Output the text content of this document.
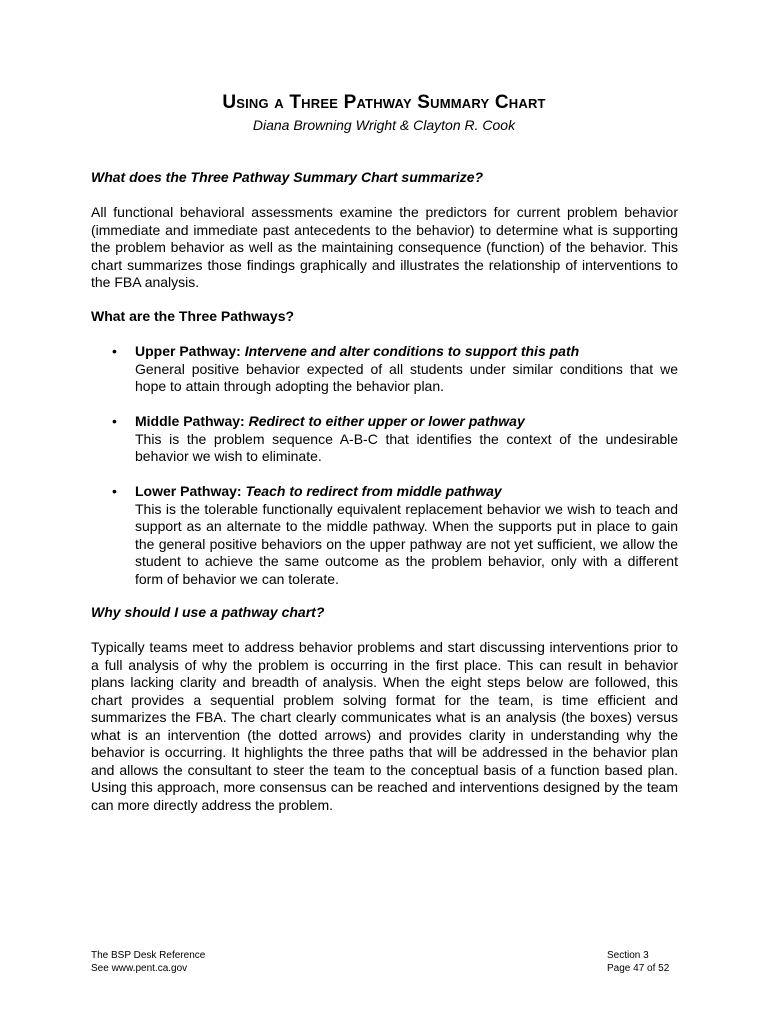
Using a Three Pathway Summary Chart
Diana Browning Wright & Clayton R. Cook
What does the Three Pathway Summary Chart summarize?
All functional behavioral assessments examine the predictors for current problem behavior (immediate and immediate past antecedents to the behavior) to determine what is supporting the problem behavior as well as the maintaining consequence (function) of the behavior. This chart summarizes those findings graphically and illustrates the relationship of interventions to the FBA analysis.
What are the Three Pathways?
• Upper Pathway: Intervene and alter conditions to support this path
General positive behavior expected of all students under similar conditions that we hope to attain through adopting the behavior plan.
• Middle Pathway: Redirect to either upper or lower pathway
This is the problem sequence A-B-C that identifies the context of the undesirable behavior we wish to eliminate.
• Lower Pathway: Teach to redirect from middle pathway
This is the tolerable functionally equivalent replacement behavior we wish to teach and support as an alternate to the middle pathway. When the supports put in place to gain the general positive behaviors on the upper pathway are not yet sufficient, we allow the student to achieve the same outcome as the problem behavior, only with a different form of behavior we can tolerate.
Why should I use a pathway chart?
Typically teams meet to address behavior problems and start discussing interventions prior to a full analysis of why the problem is occurring in the first place. This can result in behavior plans lacking clarity and breadth of analysis. When the eight steps below are followed, this chart provides a sequential problem solving format for the team, is time efficient and summarizes the FBA. The chart clearly communicates what is an analysis (the boxes) versus what is an intervention (the dotted arrows) and provides clarity in understanding why the behavior is occurring. It highlights the three paths that will be addressed in the behavior plan and allows the consultant to steer the team to the conceptual basis of a function based plan. Using this approach, more consensus can be reached and interventions designed by the team can more directly address the problem.
The BSP Desk Reference
See www.pent.ca.gov
Section 3
Page 47 of 52
